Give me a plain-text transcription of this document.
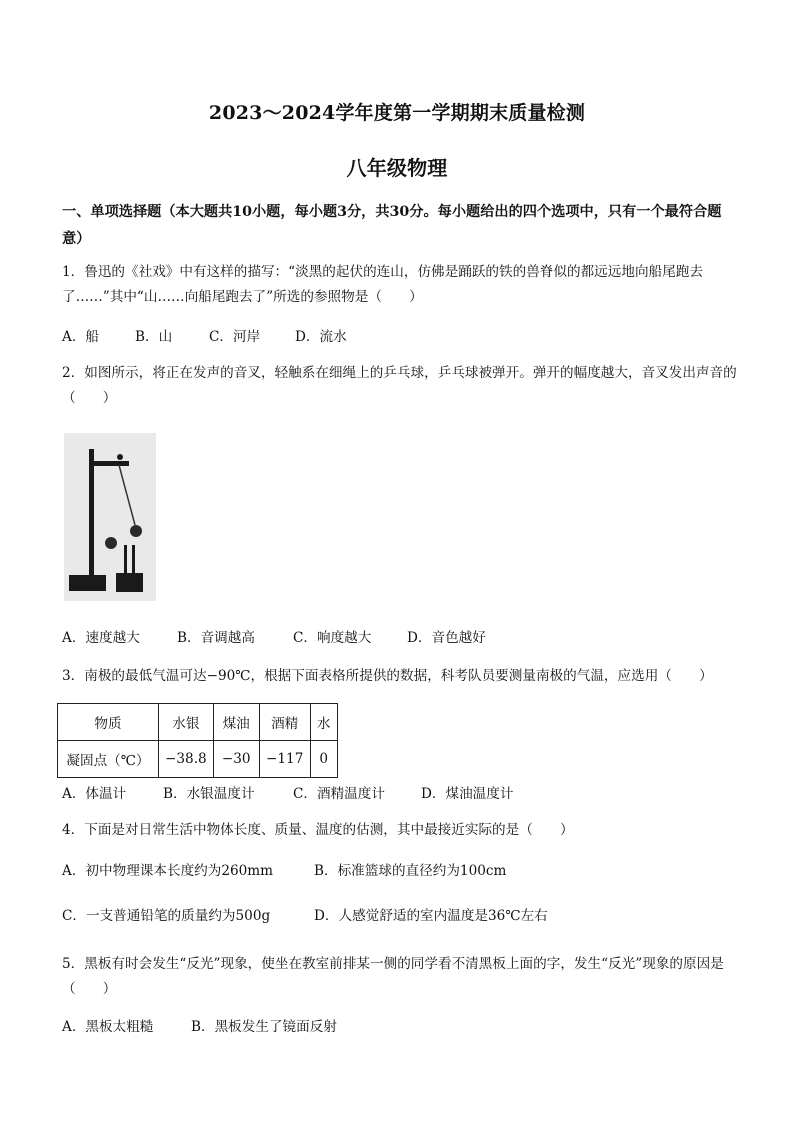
2023～2024学年度第一学期期末质量检测
八年级物理
一、单项选择题（本大题共10小题，每小题3分，共30分。每小题给出的四个选项中，只有一个最符合题意）
1．鲁迅的《社戏》中有这样的描写：“淡黑的起伏的连山，仿佛是踊跃的铁的兽脊似的都远远地向船尾跑去了……”其中“山……向船尾跑去了”所选的参照物是（　　）
A．船	B．山	C．河岸	D．流水
2．如图所示，将正在发声的音叉，轻触系在细绳上的乒乓球，乒乓球被弹开。弹开的幅度越大，音叉发出声音的（　　）
A．速度越大	B．音调越高	C．响度越大	D．音色越好
3．南极的最低气温可达−90℃，根据下面表格所提供的数据，科考队员要测量南极的气温，应选用（　　）
物质	水银	煤油	酒精	水
凝固点（℃）	−38.8	−30	−117	0
A．体温计	B．水银温度计	C．酒精温度计	D．煤油温度计
4．下面是对日常生活中物体长度、质量、温度的估测，其中最接近实际的是（　　）
A．初中物理课本长度约为260mm	B．标准篮球的直径约为100cm
C．一支普通铅笔的质量约为500g	D．人感觉舒适的室内温度是36℃左右
5．黑板有时会发生“反光”现象，使坐在教室前排某一侧的同学看不清黑板上面的字，发生“反光”现象的原因是（　　）
A．黑板太粗糙	B．黑板发生了镜面反射
